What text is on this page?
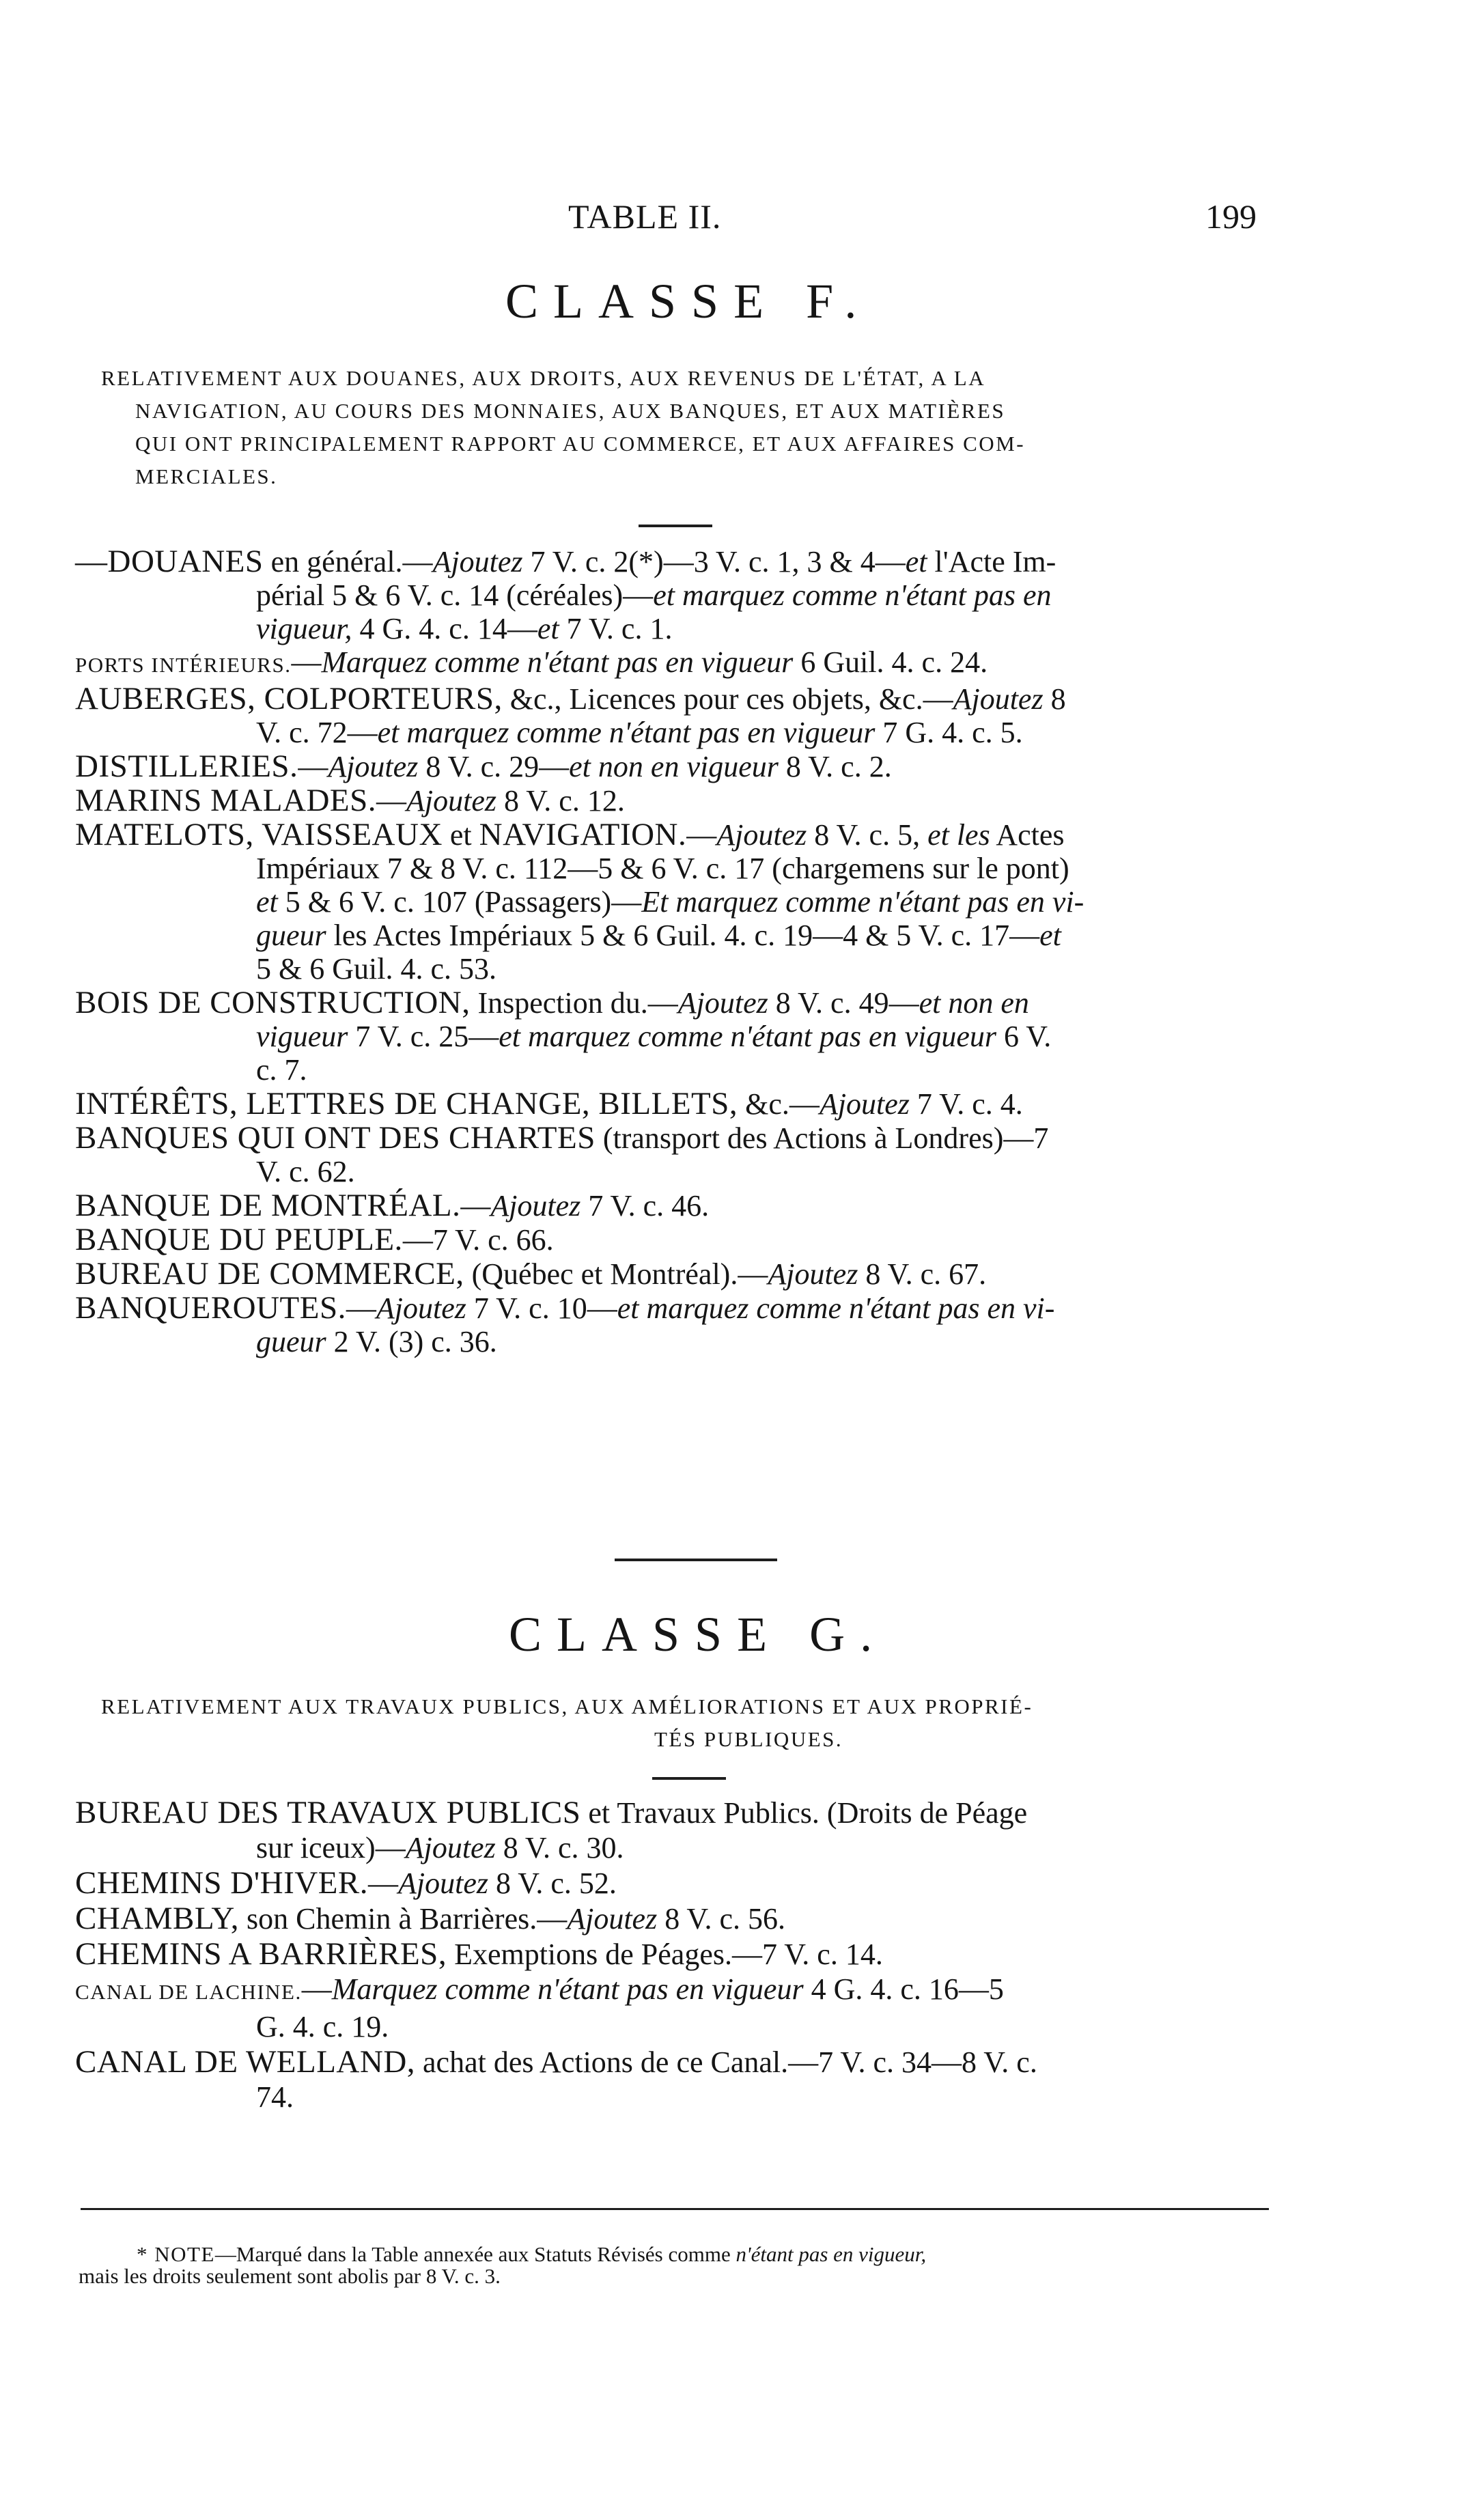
TABLE II.	199
CLASSE F.
RELATIVEMENT AUX DOUANES, AUX DROITS, AUX REVENUS DE L'ÉTAT, A LA
NAVIGATION, AU COURS DES MONNAIES, AUX BANQUES, ET AUX MATIÈRES
QUI ONT PRINCIPALEMENT RAPPORT AU COMMERCE, ET AUX AFFAIRES COM-
MERCIALES.
—DOUANES en général.—Ajoutez 7 V. c. 2(*)—3 V. c. 1, 3 & 4—et l'Acte Im-
périal 5 & 6 V. c. 14 (céréales)—et marquez comme n'étant pas en
vigueur, 4 G. 4. c. 14—et 7 V. c. 1.
PORTS INTÉRIEURS.—Marquez comme n'étant pas en vigueur 6 Guil. 4. c. 24.
AUBERGES, COLPORTEURS, &c., Licences pour ces objets, &c.—Ajoutez 8
V. c. 72—et marquez comme n'étant pas en vigueur 7 G. 4. c. 5.
DISTILLERIES.—Ajoutez 8 V. c. 29—et non en vigueur 8 V. c. 2.
MARINS MALADES.—Ajoutez 8 V. c. 12.
MATELOTS, VAISSEAUX et NAVIGATION.—Ajoutez 8 V. c. 5, et les Actes
Impériaux 7 & 8 V. c. 112—5 & 6 V. c. 17 (chargemens sur le pont)
et 5 & 6 V. c. 107 (Passagers)—Et marquez comme n'étant pas en vi-
gueur les Actes Impériaux 5 & 6 Guil. 4. c. 19—4 & 5 V. c. 17—et
5 & 6 Guil. 4. c. 53.
BOIS DE CONSTRUCTION, Inspection du.—Ajoutez 8 V. c. 49—et non en
vigueur 7 V. c. 25—et marquez comme n'étant pas en vigueur 6 V.
c. 7.
INTÉRÊTS, LETTRES DE CHANGE, BILLETS, &c.—Ajoutez 7 V. c. 4.
BANQUES QUI ONT DES CHARTES (transport des Actions à Londres)—7
V. c. 62.
BANQUE DE MONTRÉAL.—Ajoutez 7 V. c. 46.
BANQUE DU PEUPLE.—7 V. c. 66.
BUREAU DE COMMERCE, (Québec et Montréal).—Ajoutez 8 V. c. 67.
BANQUEROUTES.—Ajoutez 7 V. c. 10—et marquez comme n'étant pas en vi-
gueur 2 V. (3) c. 36.
CLASSE G.
RELATIVEMENT AUX TRAVAUX PUBLICS, AUX AMÉLIORATIONS ET AUX PROPRIÉ-
TÉS PUBLIQUES.
BUREAU DES TRAVAUX PUBLICS et Travaux Publics. (Droits de Péage
sur iceux)—Ajoutez 8 V. c. 30.
CHEMINS D'HIVER.—Ajoutez 8 V. c. 52.
CHAMBLY, son Chemin à Barrières.—Ajoutez 8 V. c. 56.
CHEMINS A BARRIÈRES, Exemptions de Péages.—7 V. c. 14.
CANAL DE LACHINE.—Marquez comme n'étant pas en vigueur 4 G. 4. c. 16—5
G. 4. c. 19.
CANAL DE WELLAND, achat des Actions de ce Canal.—7 V. c. 34—8 V. c.
74.
* NOTE—Marqué dans la Table annexée aux Statuts Révisés comme n'étant pas en vigueur,
mais les droits seulement sont abolis par 8 V. c. 3.
